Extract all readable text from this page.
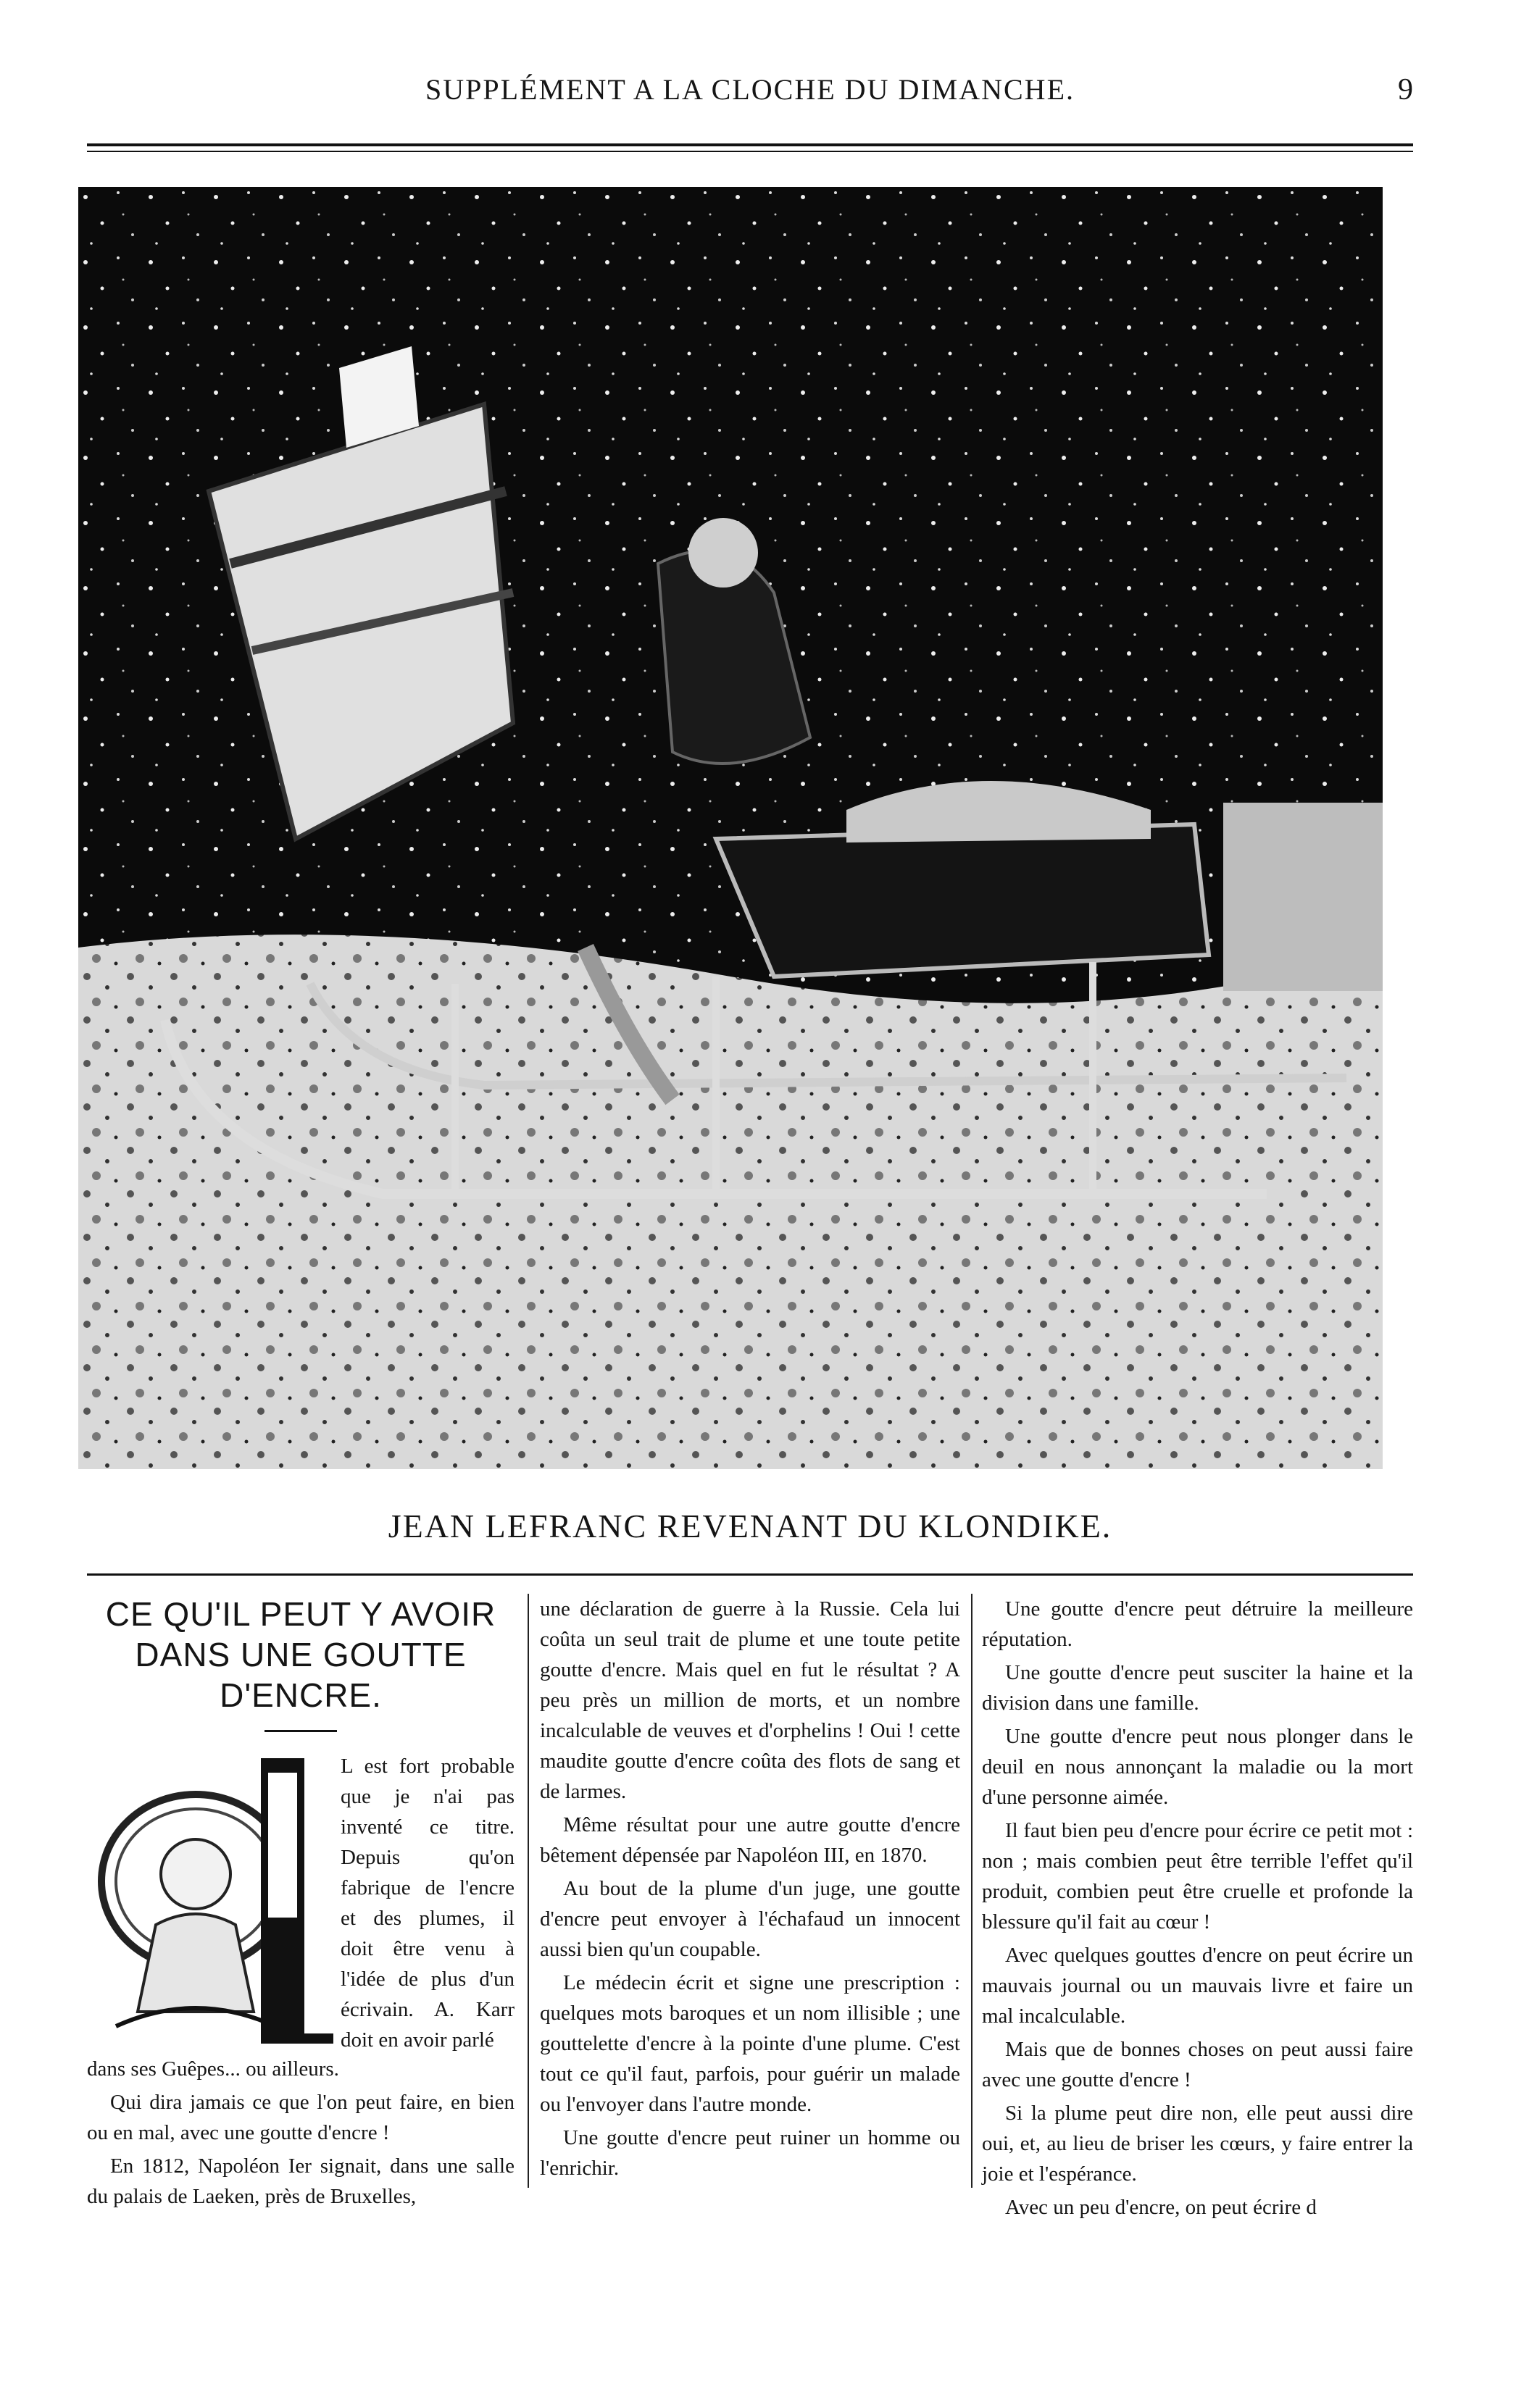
SUPPLÉMENT A LA CLOCHE DU DIMANCHE.	9
JEAN LEFRANC REVENANT DU KLONDIKE.
CE QU'IL PEUT Y AVOIR
DANS UNE GOUTTE
D'ENCRE.
L est fort probable que je n'ai pas inventé ce titre. Depuis qu'on fabrique de l'encre et des plumes, il doit être venu à l'idée de plus d'un écrivain. A. Karr doit en avoir parlé

dans ses Guêpes... ou ailleurs.

Qui dira jamais ce que l'on peut faire, en bien ou en mal, avec une goutte d'encre !

En 1812, Napoléon Ier signait, dans une salle du palais de Laeken, près de Bruxelles,

une déclaration de guerre à la Russie. Cela lui coûta un seul trait de plume et une toute petite goutte d'encre. Mais quel en fut le résultat ? A peu près un million de morts, et un nombre incalculable de veuves et d'orphelins ! Oui ! cette maudite goutte d'encre coûta des flots de sang et de larmes.

Même résultat pour une autre goutte d'encre bêtement dépensée par Napoléon III, en 1870.

Au bout de la plume d'un juge, une goutte d'encre peut envoyer à l'échafaud un innocent aussi bien qu'un coupable.

Le médecin écrit et signe une prescription : quelques mots baroques et un nom illisible ; une gouttelette d'encre à la pointe d'une plume. C'est tout ce qu'il faut, parfois, pour guérir un malade ou l'envoyer dans l'autre monde.

Une goutte d'encre peut ruiner un homme ou l'enrichir.

Une goutte d'encre peut détruire la meilleure réputation.

Une goutte d'encre peut susciter la haine et la division dans une famille.

Une goutte d'encre peut nous plonger dans le deuil en nous annonçant la maladie ou la mort d'une personne aimée.

Il faut bien peu d'encre pour écrire ce petit mot : non ; mais combien peut être terrible l'effet qu'il produit, combien peut être cruelle et profonde la blessure qu'il fait au cœur !

Avec quelques gouttes d'encre on peut écrire un mauvais journal ou un mauvais livre et faire un mal incalculable.

Mais que de bonnes choses on peut aussi faire avec une goutte d'encre !

Si la plume peut dire non, elle peut aussi dire oui, et, au lieu de briser les cœurs, y faire entrer la joie et l'espérance.

Avec un peu d'encre, on peut écrire d
